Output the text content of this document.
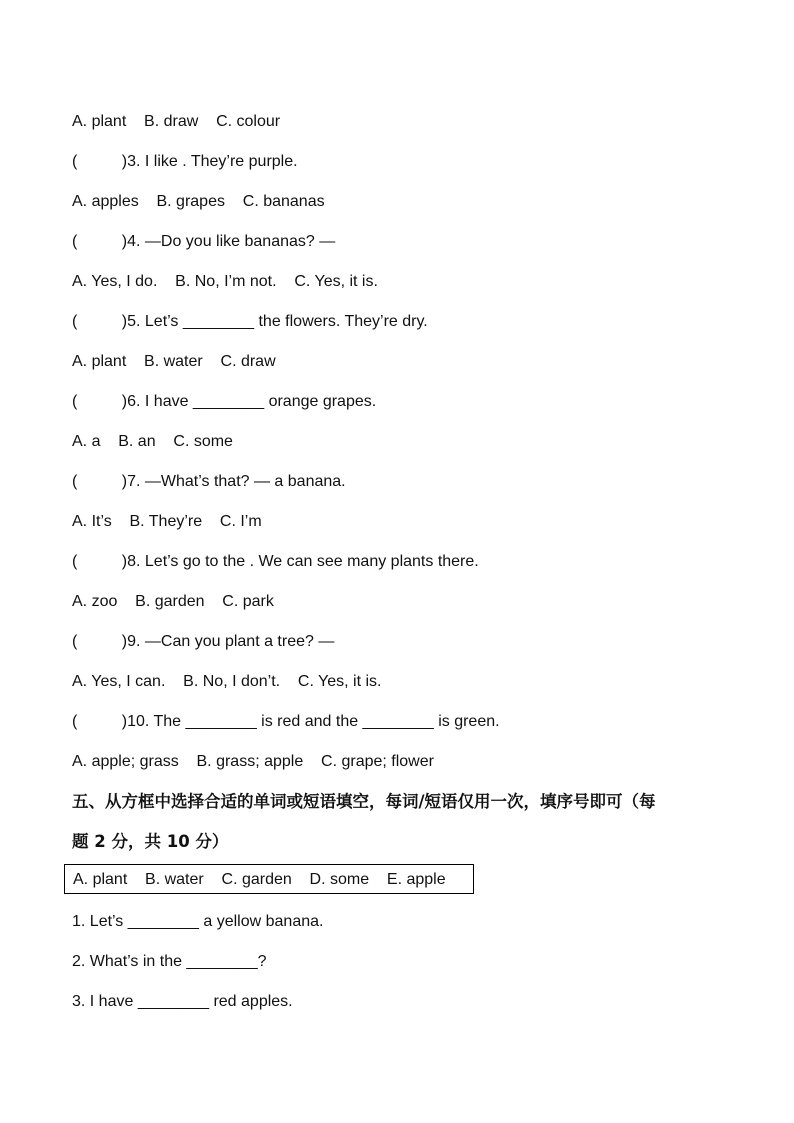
A. plant    B. draw    C. colour
(          )3. I like . They’re purple.
A. apples    B. grapes    C. bananas
(          )4. —Do you like bananas? —
A. Yes, I do.    B. No, I’m not.    C. Yes, it is.
(          )5. Let’s ________ the flowers. They’re dry.
A. plant    B. water    C. draw
(          )6. I have ________ orange grapes.
A. a    B. an    C. some
(          )7. —What’s that? — a banana.
A. It’s    B. They’re    C. I’m
(          )8. Let’s go to the . We can see many plants there.
A. zoo    B. garden    C. park
(          )9. —Can you plant a tree? —
A. Yes, I can.    B. No, I don’t.    C. Yes, it is.
(          )10. The ________ is red and the ________ is green.
A. apple; grass    B. grass; apple    C. grape; flower
五、从方框中选择合适的单词或短语填空，每词/短语仅用一次，填序号即可（每
题 2 分，共 10 分）
A. plant    B. water    C. garden    D. some    E. apple
1. Let’s ________ a yellow banana.
2. What’s in the ________?
3. I have ________ red apples.
